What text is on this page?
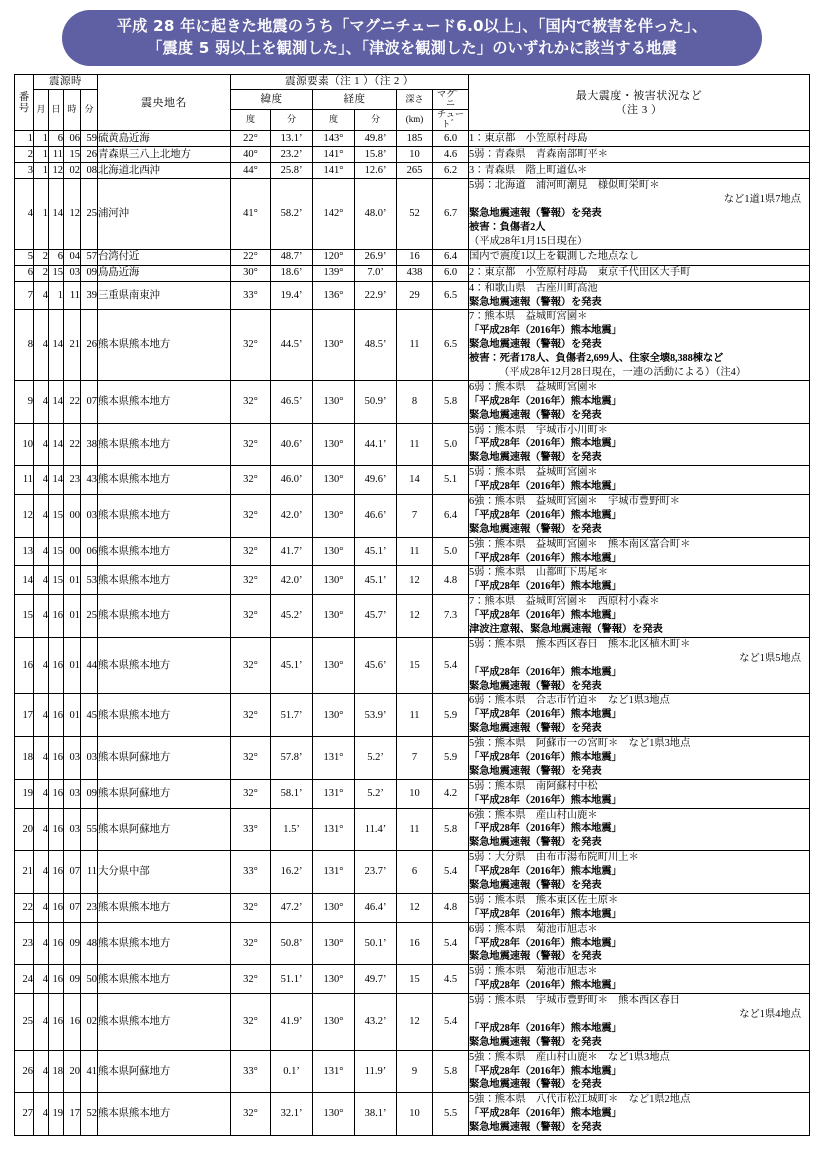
平成 28 年に起きた地震のうち「マグニチュード6.0以上」、「国内で被害を伴った」、
「震度 5 弱以上を観測した」、「津波を観測した」のいずれかに該当する地震
番
号	震源時	震央地名	震源要素（注 1 ）（注 2 ）	
最大震度・被害状況など
（注 3 ）

	月	日	時	分		緯度		経度		深さ	マグ゜ニ	
						度	分	度	分	(km)	チュート゛	
1	1	6	06	59	硫黄島近海	22°	13.1’	143°	49.8’	185	6.0	1：東京都　小笠原村母島

2	1	11	15	26	青森県三八上北地方	40°	23.2’	141°	15.8’	10	4.6	5弱：青森県　青森南部町平＊

3	1	12	02	08	北海道北西沖	44°	25.8’	141°	12.6’	265	6.2	3：青森県　階上町道仏＊

4	1	14	12	25	浦河沖	41°	58.2’	142°	48.0’	52	6.7	5弱：北海道　浦河町潮見　様似町栄町＊
など1道1県7地点
緊急地震速報（警報）を発表
被害：負傷者2人
（平成28年1月15日現在）

5	2	6	04	57	台湾付近	22°	48.7’	120°	26.9’	16	6.4	国内で震度1以上を観測した地点なし

6	2	15	03	09	鳥島近海	30°	18.6’	139°	7.0’	438	6.0	2：東京都　小笠原村母島　東京千代田区大手町

7	4	1	11	39	三重県南東沖	33°	19.4’	136°	22.9’	29	6.5	4：和歌山県　古座川町高池
緊急地震速報（警報）を発表

8	4	14	21	26	熊本県熊本地方	32°	44.5’	130°	48.5’	11	6.5	7：熊本県　益城町宮園＊
「平成28年（2016年）熊本地震」
緊急地震速報（警報）を発表
被害：死者178人、負傷者2,699人、住家全壊8,388棟など
（平成28年12月28日現在，一連の活動による）（注4）

9	4	14	22	07	熊本県熊本地方	32°	46.5’	130°	50.9’	8	5.8	6弱：熊本県　益城町宮園＊
「平成28年（2016年）熊本地震」
緊急地震速報（警報）を発表

10	4	14	22	38	熊本県熊本地方	32°	40.6’	130°	44.1’	11	5.0	5弱：熊本県　宇城市小川町＊
「平成28年（2016年）熊本地震」
緊急地震速報（警報）を発表

11	4	14	23	43	熊本県熊本地方	32°	46.0’	130°	49.6’	14	5.1	5弱：熊本県　益城町宮園＊
「平成28年（2016年）熊本地震」

12	4	15	00	03	熊本県熊本地方	32°	42.0’	130°	46.6’	7	6.4	6強：熊本県　益城町宮園＊　宇城市豊野町＊
「平成28年（2016年）熊本地震」
緊急地震速報（警報）を発表

13	4	15	00	06	熊本県熊本地方	32°	41.7’	130°	45.1’	11	5.0	5強：熊本県　益城町宮園＊　熊本南区富合町＊
「平成28年（2016年）熊本地震」

14	4	15	01	53	熊本県熊本地方	32°	42.0’	130°	45.1’	12	4.8	5弱：熊本県　山都町下馬尾＊
「平成28年（2016年）熊本地震」

15	4	16	01	25	熊本県熊本地方	32°	45.2’	130°	45.7’	12	7.3	7：熊本県　益城町宮園＊　西原村小森＊
「平成28年（2016年）熊本地震」
津波注意報、緊急地震速報（警報）を発表

16	4	16	01	44	熊本県熊本地方	32°	45.1’	130°	45.6’	15	5.4	5弱：熊本県　熊本西区春日　熊本北区植木町＊
など1県5地点
「平成28年（2016年）熊本地震」
緊急地震速報（警報）を発表

17	4	16	01	45	熊本県熊本地方	32°	51.7’	130°	53.9’	11	5.9	6弱：熊本県　合志市竹迫＊　など1県3地点
「平成28年（2016年）熊本地震」
緊急地震速報（警報）を発表

18	4	16	03	03	熊本県阿蘇地方	32°	57.8’	131°	5.2’	7	5.9	5強：熊本県　阿蘇市一の宮町＊　など1県3地点
「平成28年（2016年）熊本地震」
緊急地震速報（警報）を発表

19	4	16	03	09	熊本県阿蘇地方	32°	58.1’	131°	5.2’	10	4.2	5弱：熊本県　南阿蘇村中松
「平成28年（2016年）熊本地震」

20	4	16	03	55	熊本県阿蘇地方	33°	1.5’	131°	11.4’	11	5.8	6強：熊本県　産山村山鹿＊
「平成28年（2016年）熊本地震」
緊急地震速報（警報）を発表

21	4	16	07	11	大分県中部	33°	16.2’	131°	23.7’	6	5.4	5弱：大分県　由布市湯布院町川上＊
「平成28年（2016年）熊本地震」
緊急地震速報（警報）を発表

22	4	16	07	23	熊本県熊本地方	32°	47.2’	130°	46.4’	12	4.8	5弱：熊本県　熊本東区佐土原＊
「平成28年（2016年）熊本地震」

23	4	16	09	48	熊本県熊本地方	32°	50.8’	130°	50.1’	16	5.4	6弱：熊本県　菊池市旭志＊
「平成28年（2016年）熊本地震」
緊急地震速報（警報）を発表

24	4	16	09	50	熊本県熊本地方	32°	51.1’	130°	49.7’	15	4.5	5弱：熊本県　菊池市旭志＊
「平成28年（2016年）熊本地震」

25	4	16	16	02	熊本県熊本地方	32°	41.9’	130°	43.2’	12	5.4	5弱：熊本県　宇城市豊野町＊　熊本西区春日
など1県4地点
「平成28年（2016年）熊本地震」
緊急地震速報（警報）を発表

26	4	18	20	41	熊本県阿蘇地方	33°	0.1’	131°	11.9’	9	5.8	5強：熊本県　産山村山鹿＊　など1県3地点
「平成28年（2016年）熊本地震」
緊急地震速報（警報）を発表

27	4	19	17	52	熊本県熊本地方	32°	32.1’	130°	38.1’	10	5.5	5強：熊本県　八代市松江城町＊　など1県2地点
「平成28年（2016年）熊本地震」
緊急地震速報（警報）を発表
